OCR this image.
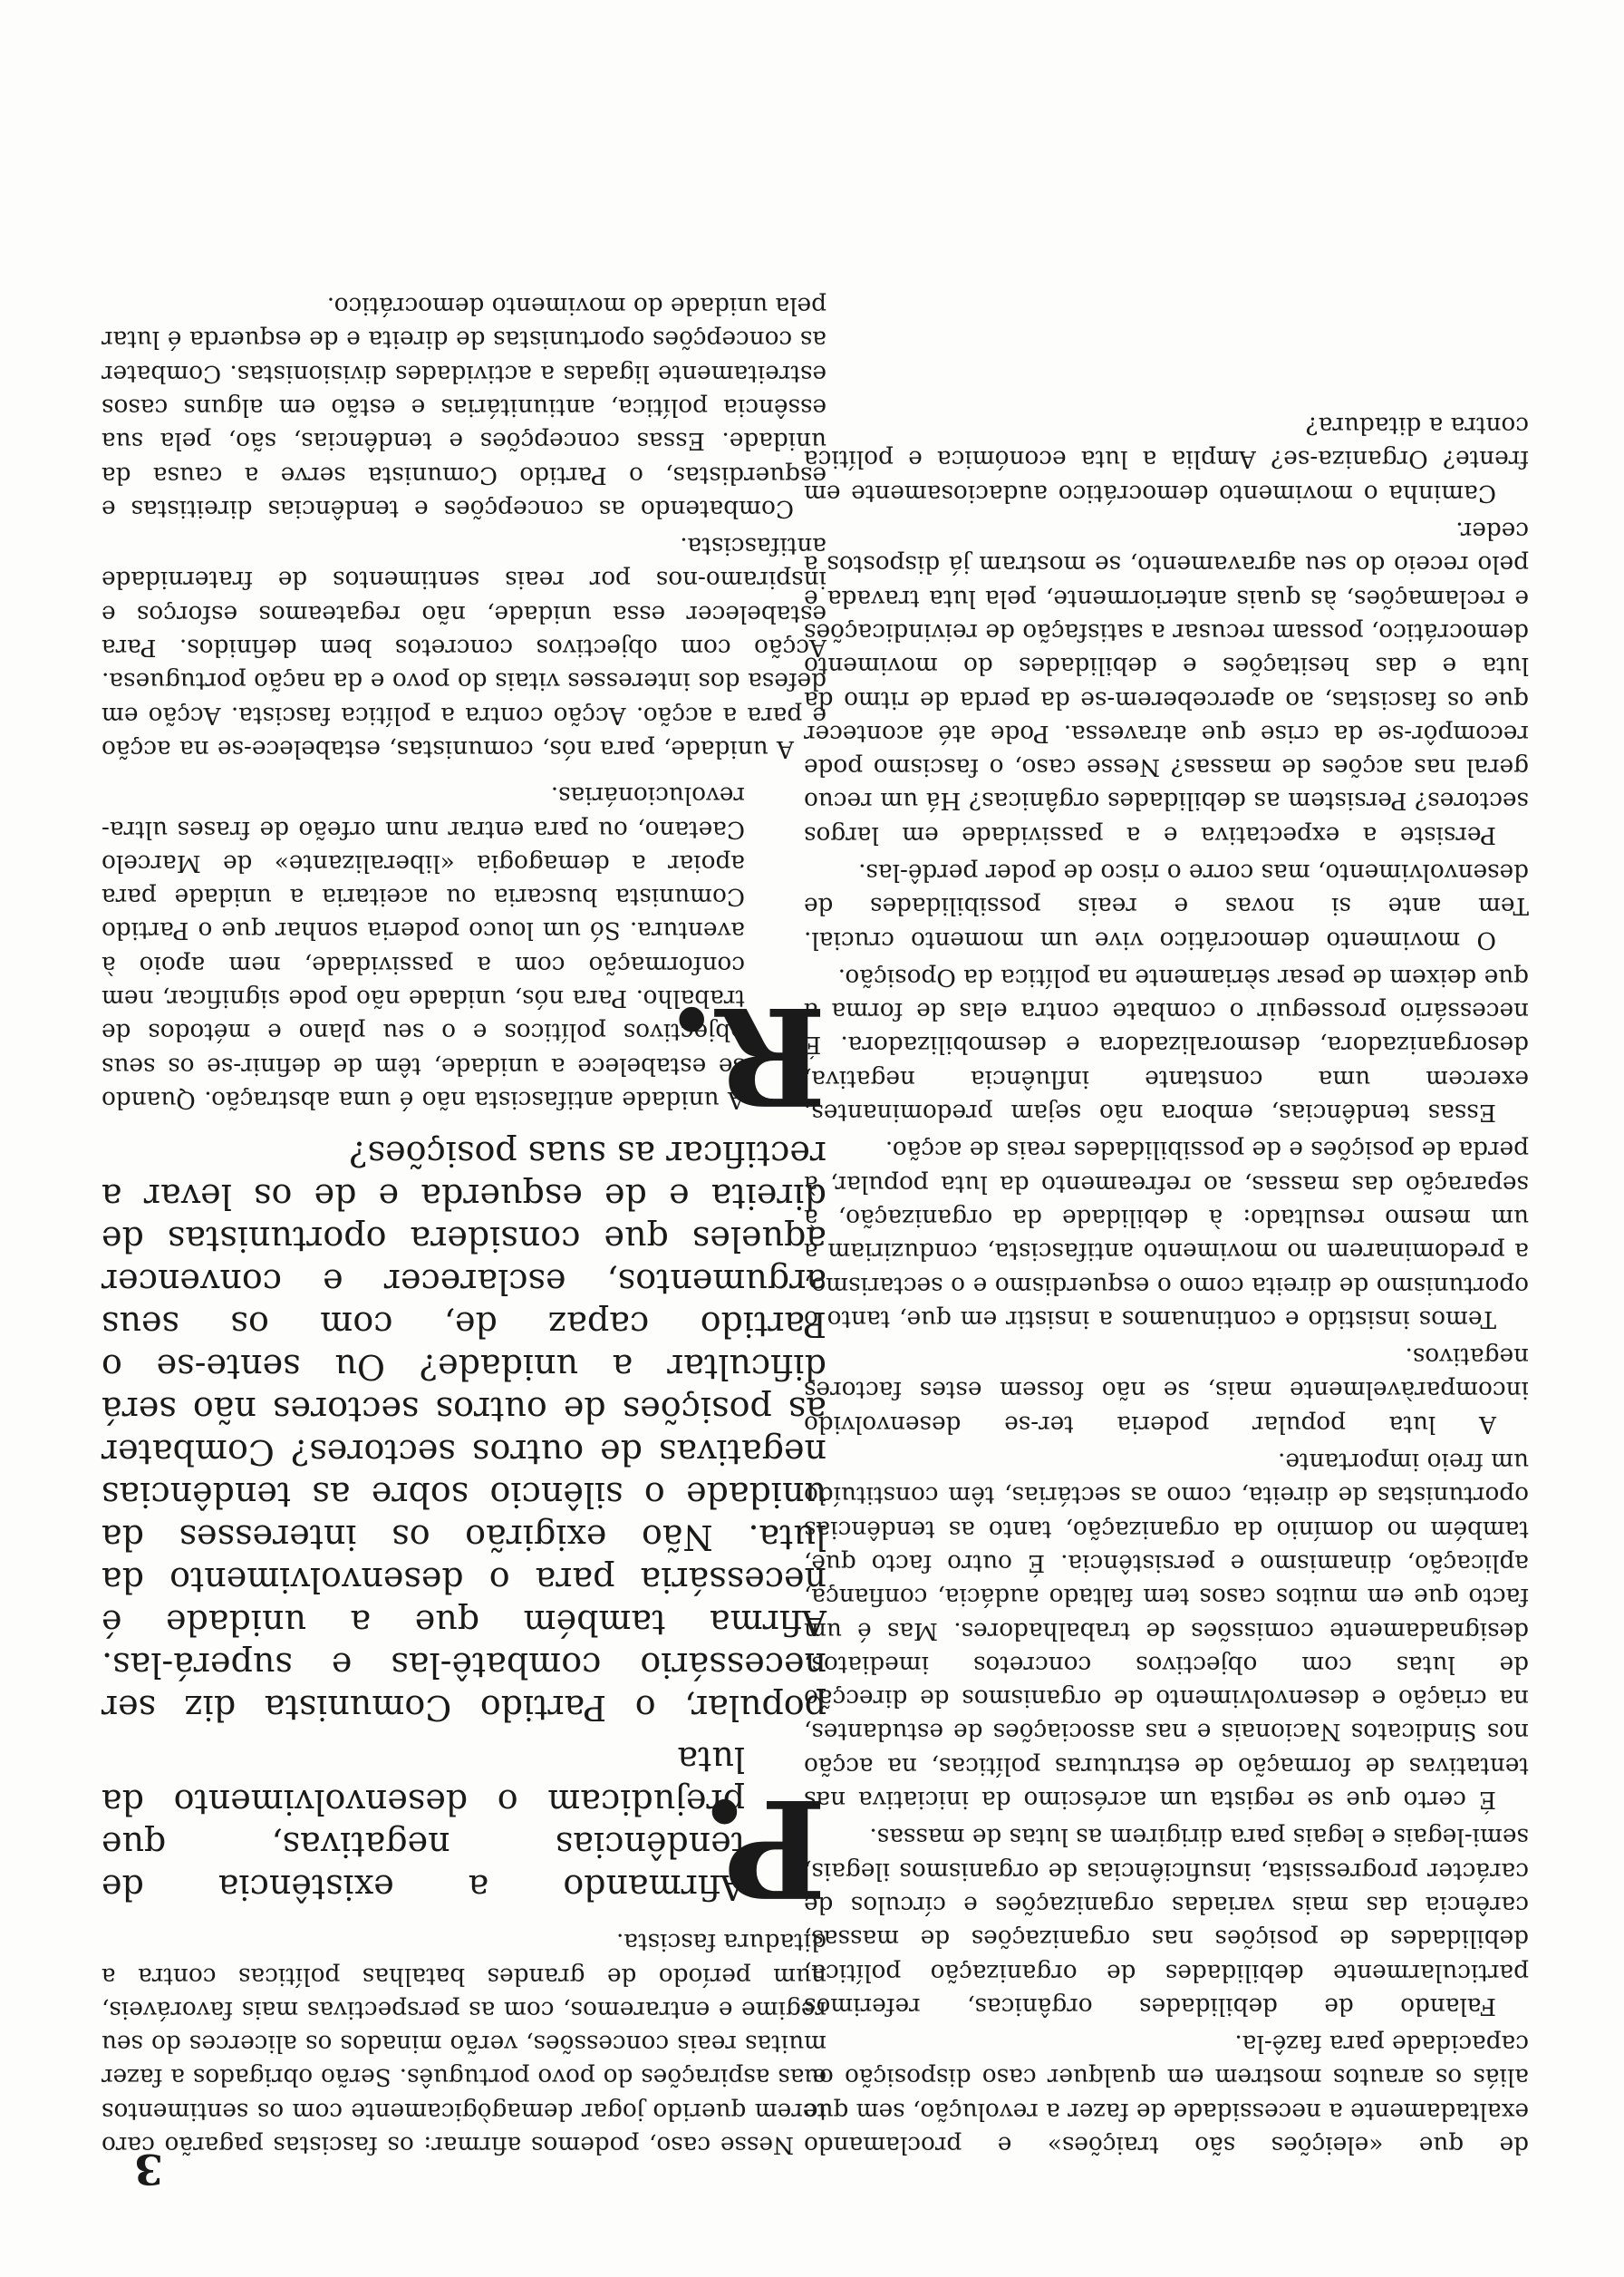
3

Nesse caso, podemos afirmar: os fascistas pagarão caro terem querido jogar demagògicamente com os sentimentos e as aspirações do povo português. Serão obrigados a fazer muitas reais concessões, verão minados os alicerces do seu regime e entraremos, com as perspectivas mais favoráveis, num período de grandes batalhas políticas contra a ditadura fascista.

P.

Afirmando a existência de tendências negativas, que prejudicam o desenvolvimento da luta

popular, o Partido Comunista diz ser necessário combatê-las e superá-las. Afirma também que a unidade é necessária para o desenvolvimento da luta. Não exigirão os interesses da unidade o silêncio sobre as tendências negativas de outros sectores? Combater as posições de outros sectores não será dificultar a unidade? Ou sente-se o Partido capaz de, com os seus argumentos, esclarecer e convencer aqueles que considera oportunistas de direita e de esquerda e de os levar a rectificar as suas posições?

R.

A unidade antifascista não é uma abstração. Quando se estabelece a unidade, têm de definir-se os seus objectivos políticos e o seu plano e métodos de trabalho. Para nós, unidade não pode significar, nem conformação com a passividade, nem apoio à aventura. Só um louco poderia sonhar que o Partido Comunista buscaria ou aceitaria a unidade para apoiar a demagogia «liberalizante» de Marcelo Caetano, ou para entrar num orfeão de frases ultra-revolucionárias.

A unidade, para nós, comunistas, estabelece-se na acção e para a acção. Acção contra a política fascista. Acção em defesa dos interesses vitais do povo e da nação portuguesa. Acção com objectivos concretos bem definidos. Para estabelecer essa unidade, não regateamos esforços e inspiramo-nos por reais sentimentos de fraternidade antifascista.

Combatendo as concepções e tendências direitistas e esquerdistas, o Partido Comunista serve a causa da unidade. Essas concepções e tendências, são, pela sua essência política, antiunitárias e estão em alguns casos estreitamente ligadas a actividades divisionistas. Combater as concepções oportunistas de direita e de esquerda é lutar pela unidade do movimento democrático.

de que «eleições são traições» e proclamando exaltadamente a necessidade de fazer a revolução, sem que aliás os arautos mostrem em qualquer caso disposição ou capacidade para fazê-la.

Falando de debilidades orgânicas, referimos particularmente debilidades de organização política, debilidades de posições nas organizações de massas, carência das mais variadas organizações e círculos de carácter progressista, insuficiências de organismos ilegais, semi-legais e legais para dirigirem as lutas de massas.

É certo que se regista um acréscimo da iniciativa nas tentativas de formação de estruturas políticas, na acção nos Sindicatos Nacionais e nas associações de estudantes, na criação e desenvolvimento de organismos de direcção de lutas com objectivos concretos imediatos, designadamente comissões de trabalhadores. Mas é um facto que em muitos casos tem faltado audácia, confiança, aplicação, dinamismo e persistência. É outro facto que, também no domínio da organização, tanto as tendências oportunistas de direita, como as sectárias, têm constituído um freio importante.

A luta popular poderia ter-se desenvolvido incomparàvelmente mais, se não fossem estes factores negativos.

Temos insistido e continuamos a insistir em que, tanto o oportunismo de direita como o esquerdismo e o sectarismo, a predominarem no movimento antifascista, conduziriam a um mesmo resultado: à debilidade da organização, à separação das massas, ao refreamento da luta popular, à perda de posições e de possibilidades reais de acção.

Essas tendências, embora não sejam predominantes, exercem uma constante influência negativa, desorganizadora, desmoralizadora e desmobilizadora. É necessário prosseguir o combate contra elas de forma a que deixem de pesar sèriamente na política da Oposição.

O movimento democrático vive um momento crucial. Tem ante si novas e reais possibilidades de desenvolvimento, mas corre o risco de poder perdê-las.

Persiste a expectativa e a passividade em largos sectores? Persistem as debilidades orgânicas? Há um recuo geral nas acções de massas? Nesse caso, o fascismo pode recompôr-se da crise que atravessa. Pode até acontecer que os fascistas, ao aperceberem-se da perda de ritmo da luta e das hesitações e debilidades do movimento democrático, possam recusar a satisfação de reivindicações e reclamações, às quais anteriormente, pela luta travada e pelo receio do seu agravamento, se mostram já dispostos a ceder.

Caminha o movimento democrático audaciosamente em frente? Organiza-se? Amplia a luta económica e política contra a ditadura?
